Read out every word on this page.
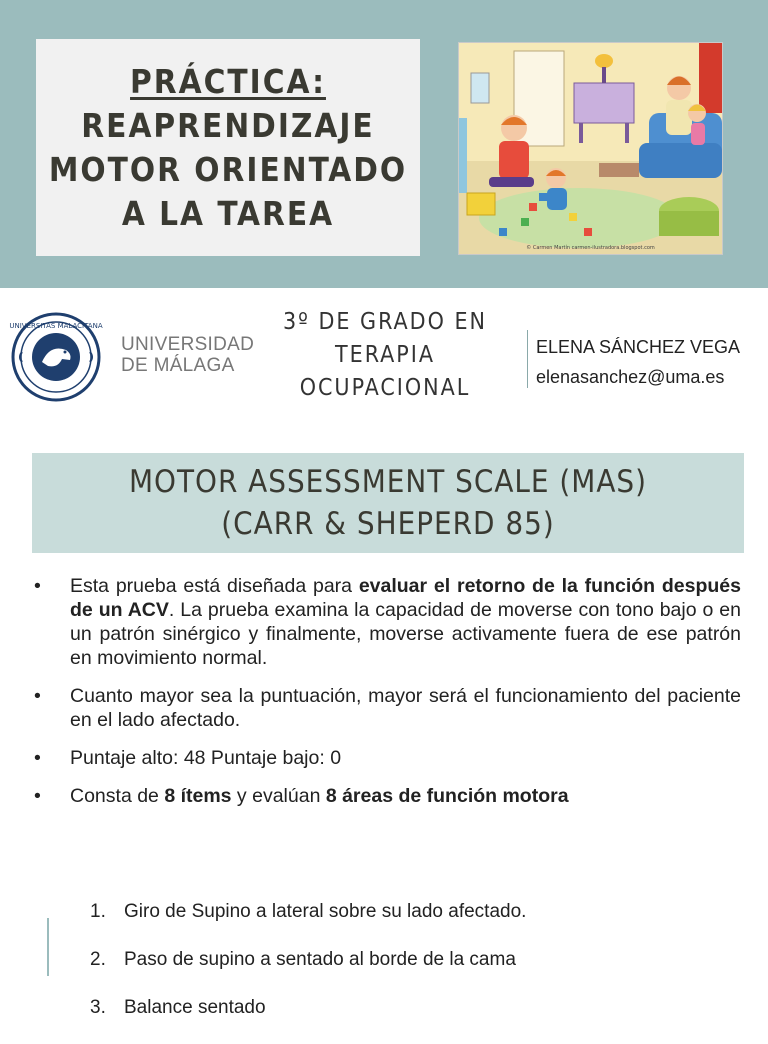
PRÁCTICA:
REAPRENDIZAJE
MOTOR ORIENTADO
A LA TAREA
© Carmen Martín carmen-ilustradora.blogspot.com
UNIVERSITAS MALACITANA
UNIVERSIDAD
DE MÁLAGA
3º DE GRADO EN
TERAPIA
OCUPACIONAL
ELENA SÁNCHEZ VEGA
elenasanchez@uma.es
MOTOR ASSESSMENT SCALE (MAS)
(CARR & SHEPERD 85)
• Esta prueba está diseñada para evaluar el retorno de la función después de un ACV. La prueba examina la capacidad de moverse con tono bajo o en un patrón sinérgico y finalmente, moverse activamente fuera de ese patrón en movimiento normal.
• Cuanto mayor sea la puntuación, mayor será el funcionamiento del paciente en el lado afectado.
• Puntaje alto: 48 Puntaje bajo: 0
• Consta de 8 ítems y evalúan 8 áreas de función motora
1. Giro de Supino a lateral sobre su lado afectado.
2. Paso de supino a sentado al borde de la cama
3. Balance sentado
